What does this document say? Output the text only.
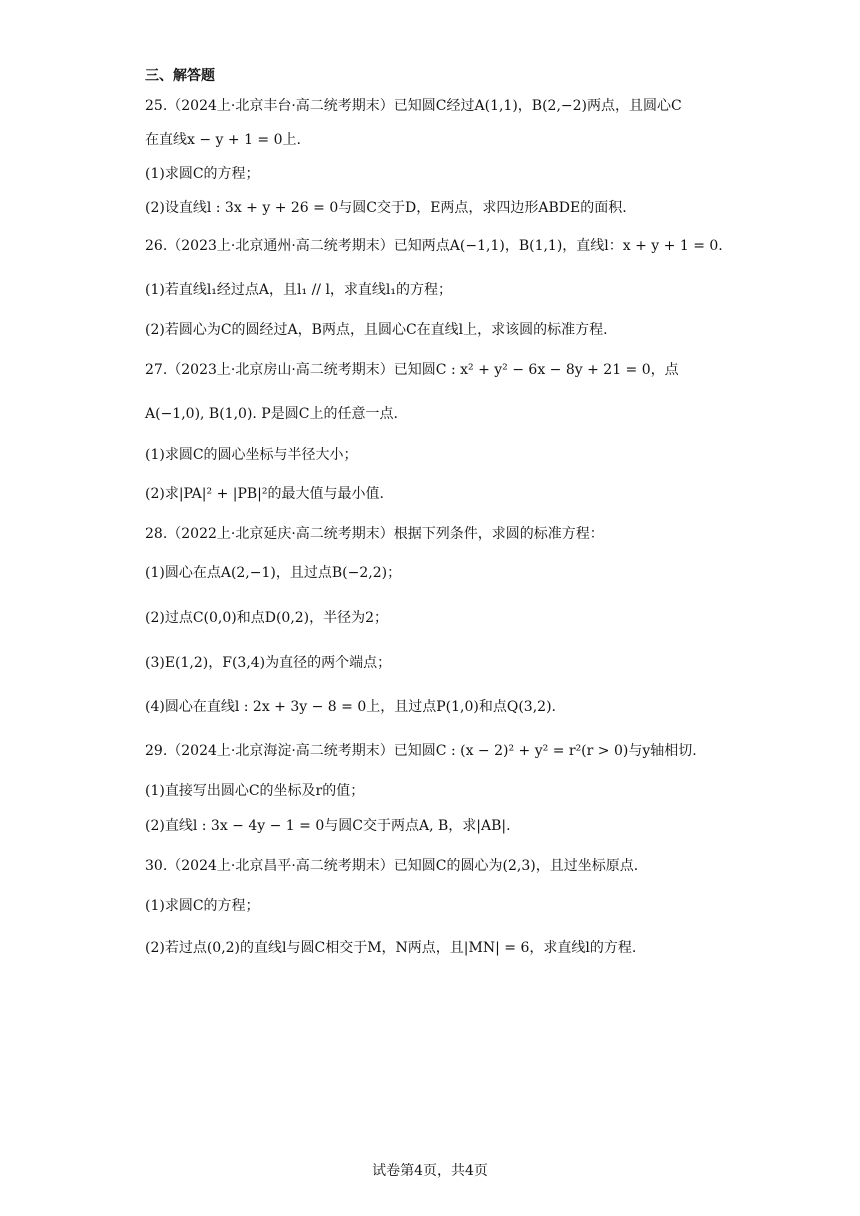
三、解答题
25.（2024上·北京丰台·高二统考期末）已知圆C经过A(1,1)，B(2,−2)两点，且圆心C
在直线x − y + 1 = 0上.
(1)求圆C的方程；
(2)设直线l : 3x + y + 26 = 0与圆C交于D，E两点，求四边形ABDE的面积.
26.（2023上·北京通州·高二统考期末）已知两点A(−1,1)，B(1,1)，直线l：x + y + 1 = 0.
(1)若直线l₁经过点A，且l₁ // l，求直线l₁的方程；
(2)若圆心为C的圆经过A，B两点，且圆心C在直线l上，求该圆的标准方程.
27.（2023上·北京房山·高二统考期末）已知圆C : x² + y² − 6x − 8y + 21 = 0，点
A(−1,0), B(1,0). P是圆C上的任意一点.
(1)求圆C的圆心坐标与半径大小；
(2)求|PA|² + |PB|²的最大值与最小值.
28.（2022上·北京延庆·高二统考期末）根据下列条件，求圆的标准方程：
(1)圆心在点A(2,−1)，且过点B(−2,2)；
(2)过点C(0,0)和点D(0,2)，半径为2；
(3)E(1,2)，F(3,4)为直径的两个端点；
(4)圆心在直线l : 2x + 3y − 8 = 0上，且过点P(1,0)和点Q(3,2).
29.（2024上·北京海淀·高二统考期末）已知圆C : (x − 2)² + y² = r²(r > 0)与y轴相切.
(1)直接写出圆心C的坐标及r的值；
(2)直线l : 3x − 4y − 1 = 0与圆C交于两点A, B，求|AB|.
30.（2024上·北京昌平·高二统考期末）已知圆C的圆心为(2,3)，且过坐标原点.
(1)求圆C的方程；
(2)若过点(0,2)的直线l与圆C相交于M，N两点，且|MN| = 6，求直线l的方程.
试卷第4页，共4页
